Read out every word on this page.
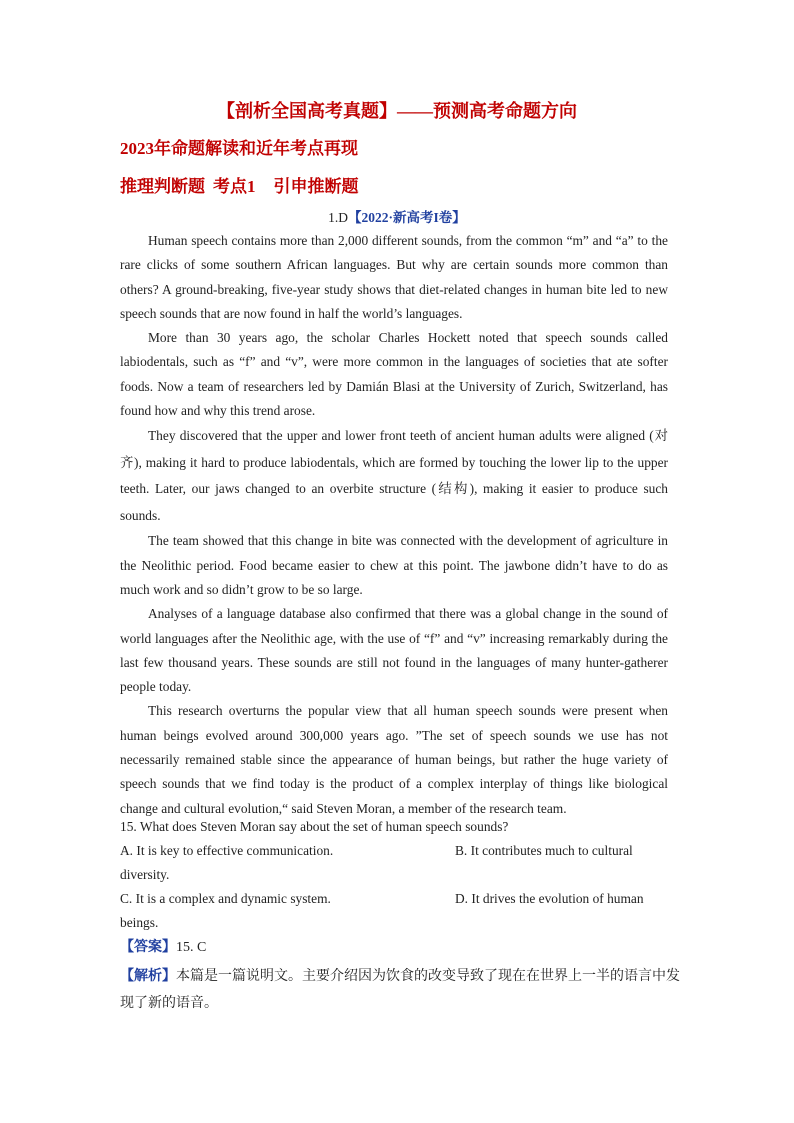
【剖析全国高考真题】——预测高考命题方向
2023年命题解读和近年考点再现
推理判断题 考点1 引申推断题
1.D【2022·新高考I卷】

Human speech contains more than 2,000 different sounds, from the common “m” and “a” to the rare clicks of some southern African languages. But why are certain sounds more common than others? A ground-breaking, five-year study shows that diet-related changes in human bite led to new speech sounds that are now found in half the world’s languages.

More than 30 years ago, the scholar Charles Hockett noted that speech sounds called labiodentals, such as “f” and “v”, were more common in the languages of societies that ate softer foods. Now a team of researchers led by Damián Blasi at the University of Zurich, Switzerland, has found how and why this trend arose.

They discovered that the upper and lower front teeth of ancient human adults were aligned (对齐), making it hard to produce labiodentals, which are formed by touching the lower lip to the upper teeth. Later, our jaws changed to an overbite structure (结构), making it easier to produce such sounds.

The team showed that this change in bite was connected with the development of agriculture in the Neolithic period. Food became easier to chew at this point. The jawbone didn’t have to do as much work and so didn’t grow to be so large.

Analyses of a language database also confirmed that there was a global change in the sound of world languages after the Neolithic age, with the use of “f” and “v” increasing remarkably during the last few thousand years. These sounds are still not found in the languages of many hunter-gatherer people today.

This research overturns the popular view that all human speech sounds were present when human beings evolved around 300,000 years ago. ”The set of speech sounds we use has not necessarily remained stable since the appearance of human beings, but rather the huge variety of speech sounds that we find today is the product of a complex interplay of things like biological change and cultural evolution,“ said Steven Moran, a member of the research team.

15. What does Steven Moran say about the set of human speech sounds?
A. It is key to effective communication.	B. It contributes much to cultural
diversity.
C. It is a complex and dynamic system.	D. It drives the evolution of human
beings.
【答案】15. C
【解析】本篇是一篇说明文。主要介绍因为饮食的改变导致了现在在世界上一半的语言中发现了新的语音。
